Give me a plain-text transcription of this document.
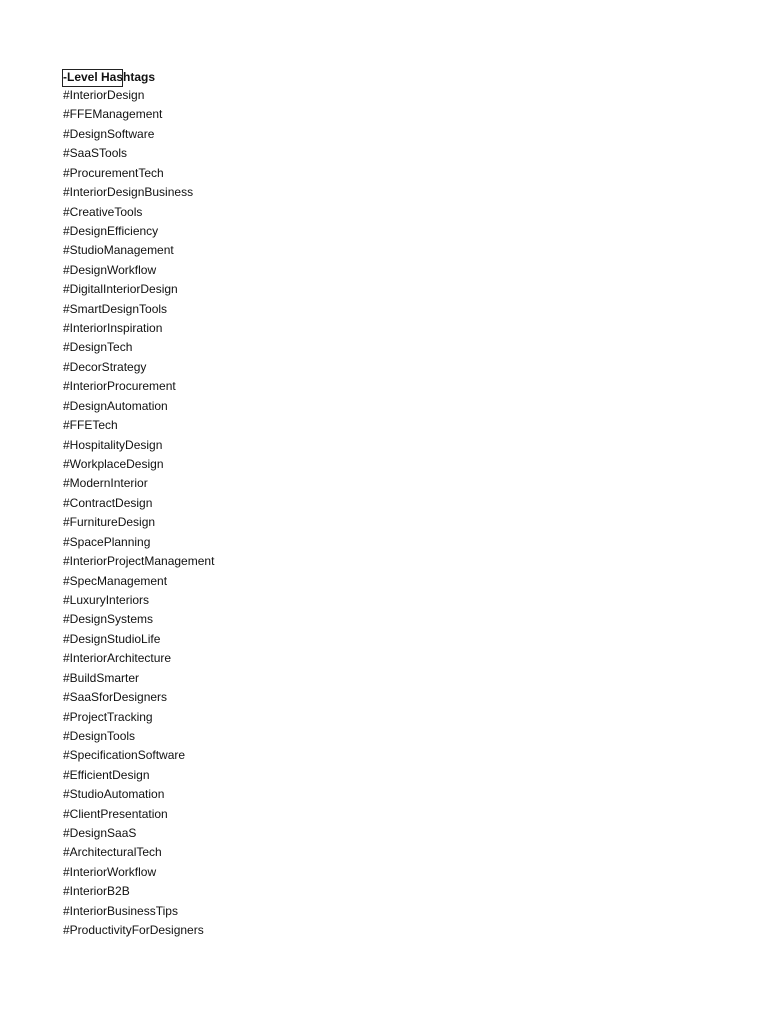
-Level Hashtags
#InteriorDesign
#FFEManagement
#DesignSoftware
#SaaSTools
#ProcurementTech
#InteriorDesignBusiness
#CreativeTools
#DesignEfficiency
#StudioManagement
#DesignWorkflow
#DigitalInteriorDesign
#SmartDesignTools
#InteriorInspiration
#DesignTech
#DecorStrategy
#InteriorProcurement
#DesignAutomation
#FFETech
#HospitalityDesign
#WorkplaceDesign
#ModernInterior
#ContractDesign
#FurnitureDesign
#SpacePlanning
#InteriorProjectManagement
#SpecManagement
#LuxuryInteriors
#DesignSystems
#DesignStudioLife
#InteriorArchitecture
#BuildSmarter
#SaaSforDesigners
#ProjectTracking
#DesignTools
#SpecificationSoftware
#EfficientDesign
#StudioAutomation
#ClientPresentation
#DesignSaaS
#ArchitecturalTech
#InteriorWorkflow
#InteriorB2B
#InteriorBusinessTips
#ProductivityForDesigners
